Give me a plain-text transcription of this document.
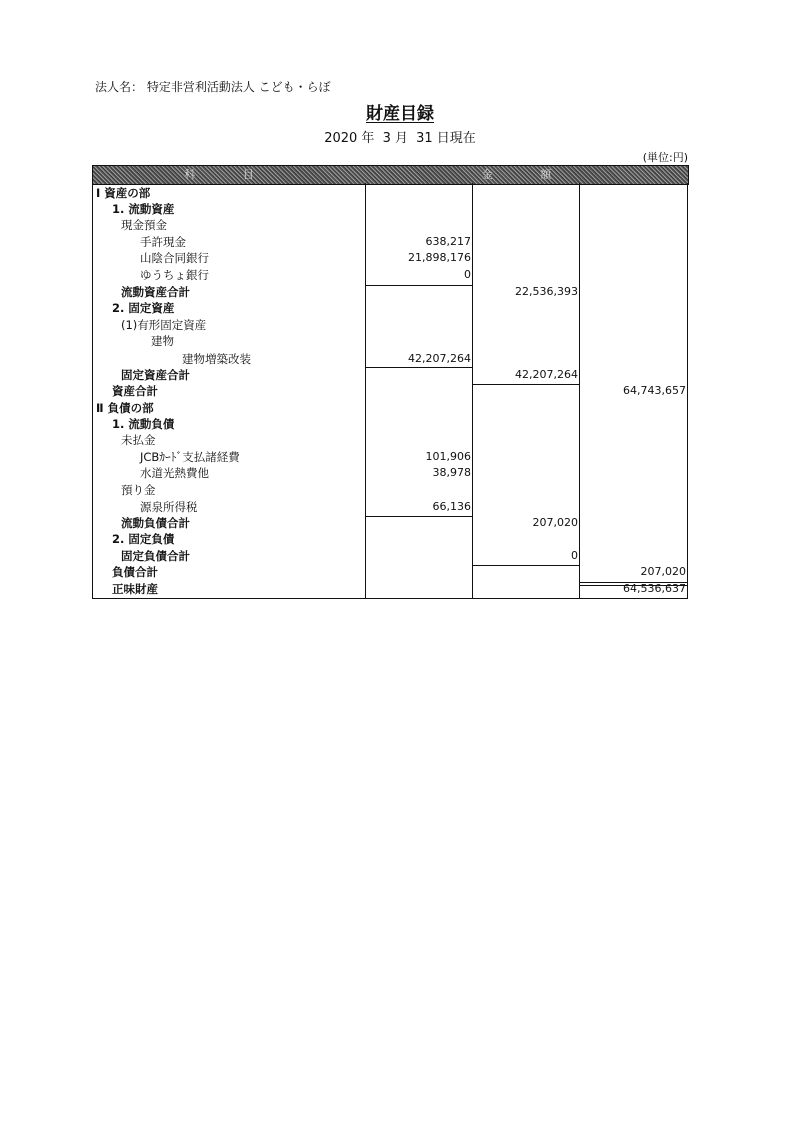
法人名： 特定非営利活動法人 こども・らぼ
財産目録
2020 年 3 月 31 日現在
(単位:円)
科 目	金 額
Ⅰ 資産の部
1. 流動資産
現金預金
手許現金	638,217
山陰合同銀行	21,898,176
ゆうちょ銀行	0
流動資産合計	22,536,393
2. 固定資産
(1)有形固定資産
建物
建物増築改装	42,207,264
固定資産合計	42,207,264
資産合計	64,743,657
Ⅱ 負債の部
1. 流動負債
未払金
JCBｶｰﾄﾞ支払諸経費	101,906
水道光熱費他	38,978
預り金
源泉所得税	66,136
流動負債合計	207,020
2. 固定負債
固定負債合計	0
負債合計	207,020
正味財産	64,536,637
